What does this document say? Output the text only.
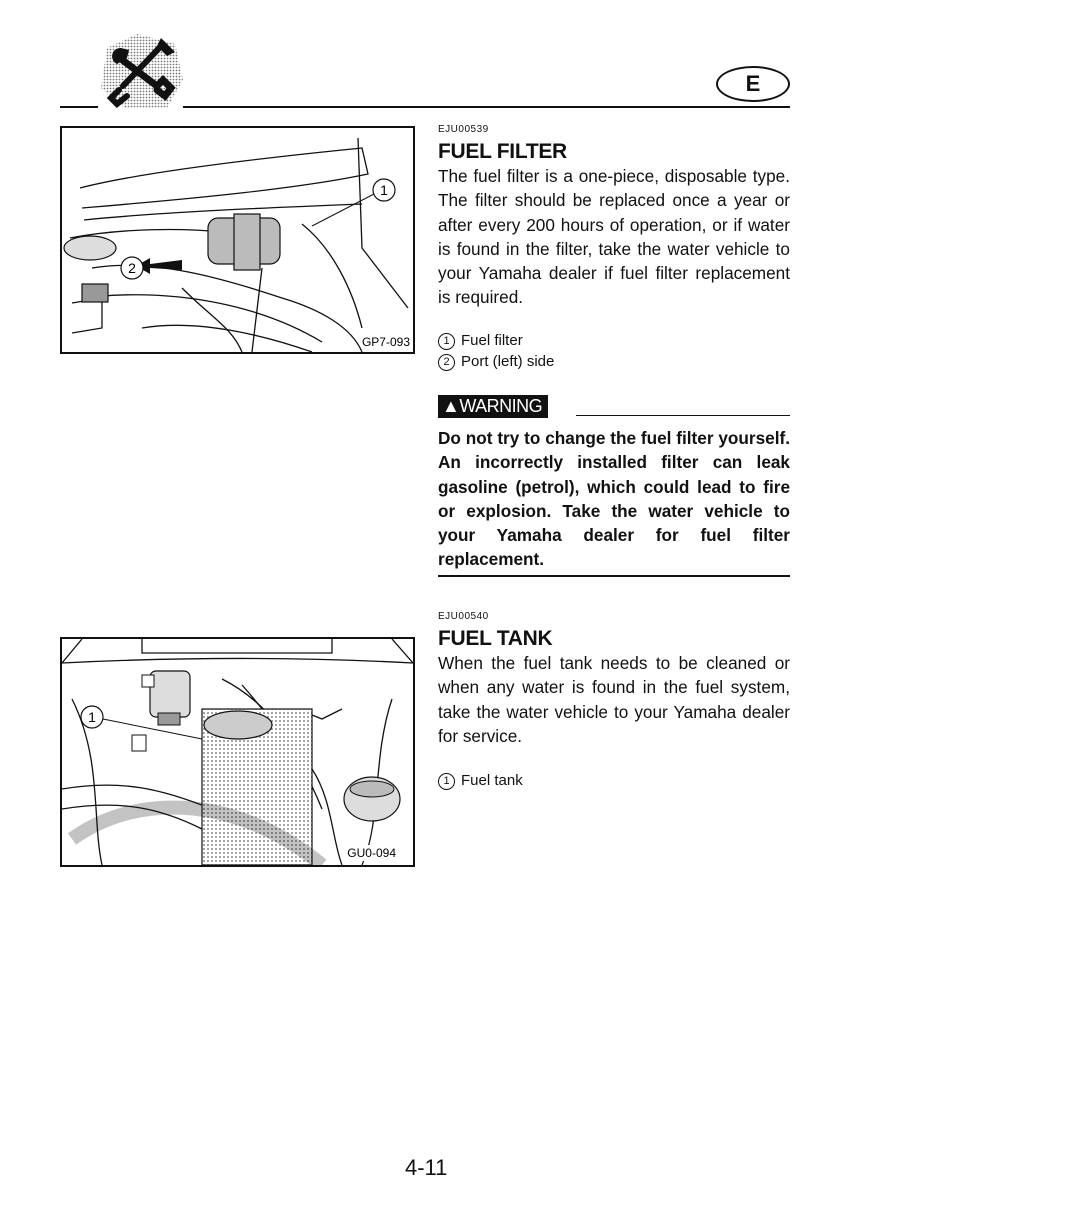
E
1
2
GP7-093
EJU00539
FUEL FILTER
The fuel filter is a one-piece, disposable type. The filter should be replaced once a year or after every 200 hours of operation, or if water is found in the filter, take the water vehicle to your Yamaha dealer if fuel filter replacement is required.
1 Fuel filter
2 Port (left) side
▲WARNING
Do not try to change the fuel filter yourself. An incorrectly installed filter can leak gasoline (petrol), which could lead to fire or explosion. Take the water vehicle to your Yamaha dealer for fuel filter replacement.
1
GU0-094
EJU00540
FUEL TANK
When the fuel tank needs to be cleaned or when any water is found in the fuel system, take the water vehicle to your Yamaha dealer for service.
1 Fuel tank
4-11
